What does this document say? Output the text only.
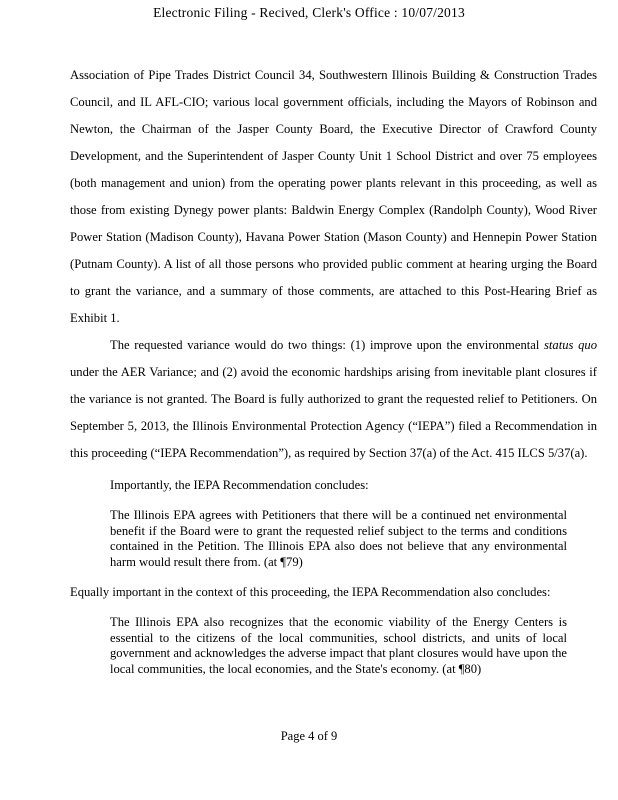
Electronic Filing - Recived, Clerk's Office : 10/07/2013

Association of Pipe Trades District Council 34, Southwestern Illinois Building & Construction Trades Council, and IL AFL-CIO; various local government officials, including the Mayors of Robinson and Newton, the Chairman of the Jasper County Board, the Executive Director of Crawford County Development, and the Superintendent of Jasper County Unit 1 School District and over 75 employees (both management and union) from the operating power plants relevant in this proceeding, as well as those from existing Dynegy power plants: Baldwin Energy Complex (Randolph County), Wood River Power Station (Madison County), Havana Power Station (Mason County) and Hennepin Power Station (Putnam County). A list of all those persons who provided public comment at hearing urging the Board to grant the variance, and a summary of those comments, are attached to this Post-Hearing Brief as Exhibit 1.

The requested variance would do two things: (1) improve upon the environmental status quo under the AER Variance; and (2) avoid the economic hardships arising from inevitable plant closures if the variance is not granted. The Board is fully authorized to grant the requested relief to Petitioners. On September 5, 2013, the Illinois Environmental Protection Agency (“IEPA”) filed a Recommendation in this proceeding (“IEPA Recommendation”), as required by Section 37(a) of the Act. 415 ILCS 5/37(a).

Importantly, the IEPA Recommendation concludes:

The Illinois EPA agrees with Petitioners that there will be a continued net environmental benefit if the Board were to grant the requested relief subject to the terms and conditions contained in the Petition. The Illinois EPA also does not believe that any environmental harm would result there from. (at ¶79)

Equally important in the context of this proceeding, the IEPA Recommendation also concludes:

The Illinois EPA also recognizes that the economic viability of the Energy Centers is essential to the citizens of the local communities, school districts, and units of local government and acknowledges the adverse impact that plant closures would have upon the local communities, the local economies, and the State's economy. (at ¶80)

Page 4 of 9
